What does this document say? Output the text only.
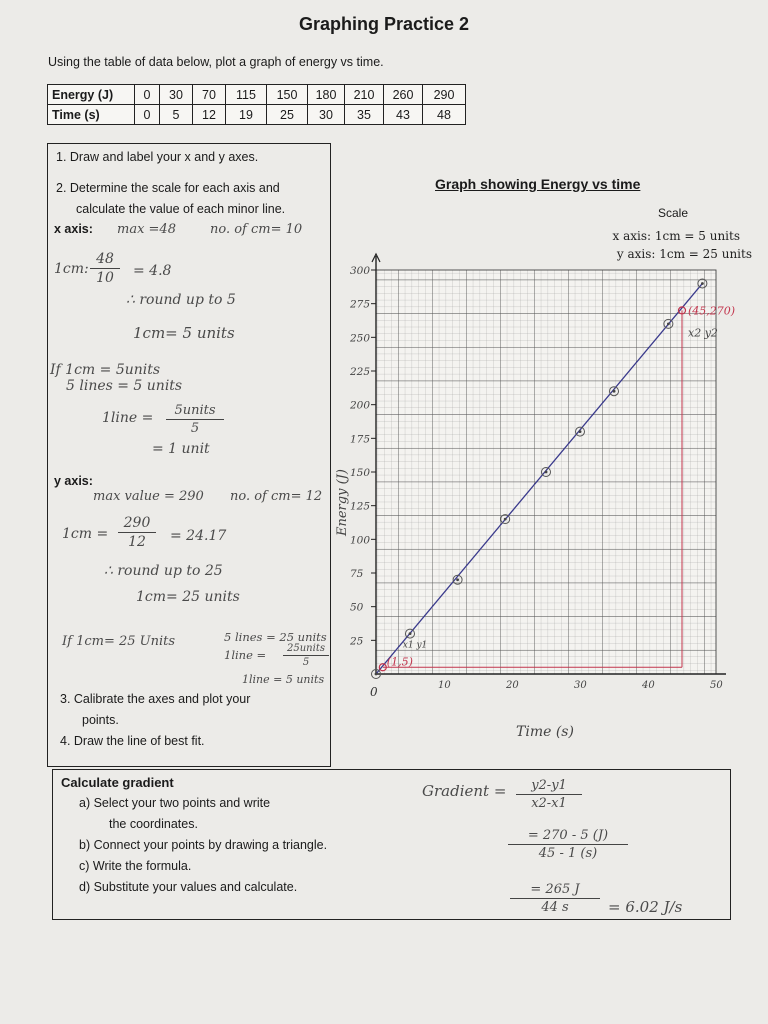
Graphing Practice 2
Using the table of data below, plot a graph of energy vs time.
Energy (J)	0	30	70	115	150	180	210	260	290
Time (s)	0	5	12	19	25	30	35	43	48
1. Draw and label your x and y axes.
2. Determine the scale for each axis and
calculate the value of each minor line.
x axis: max =48	no. of cm= 10
1cm:
48
10	= 4.8
∴ round up to 5
1cm= 5 units
If 1cm = 5units
5 lines = 5 units
1line =	5units
5
= 1 unit
y axis:
max value = 290 no. of cm= 12
1cm =
290
12	= 24.17
∴ round up to 25
1cm= 25 units
If 1cm= 25 Units	5 lines = 25 units
1line =	25units
5
1line = 5 units
3. Calibrate the axes and plot your
points.
4. Draw the line of best fit.
Graph showing Energy vs time
Scale
x axis: 1cm = 5 units
y axis: 1cm = 25 units
10	20	30	40	50
25
50
75
100
125
150
175
200
225
250
275
300
(1,5)
x1 y1
(45,270)
x2 y2
0
Time (s)
Energy (J)
Calculate gradient
a) Select your two points and write
the coordinates.
b) Connect your points by drawing a triangle.
c) Write the formula.
d) Substitute your values and calculate.
Gradient =	y2-y1
x2-x1
= 270 - 5 (J)
45 - 1 (s)
= 265 J
44 s	= 6.02 J/s
